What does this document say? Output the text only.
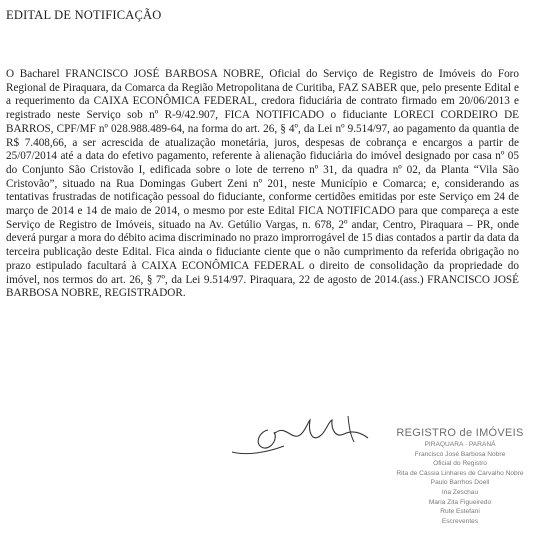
EDITAL DE NOTIFICAÇÃO

O Bacharel FRANCISCO JOSÉ BARBOSA NOBRE, Oficial do Serviço de Registro de Imóveis do Foro Regional de Piraquara, da Comarca da Região Metropolitana de Curitiba, FAZ SABER que, pelo presente Edital e a requerimento da CAIXA ECONÔMICA FEDERAL, credora fiduciária de contrato firmado em 20/06/2013 e registrado neste Serviço sob nº R-9/42.907, FICA NOTIFICADO o fiduciante LORECI CORDEIRO DE BARROS, CPF/MF nº 028.988.489-64, na forma do art. 26, § 4º, da Lei nº 9.514/97, ao pagamento da quantia de R$ 7.408,66, a ser acrescida de atualização monetária, juros, despesas de cobrança e encargos a partir de 25/07/2014 até a data do efetivo pagamento, referente à alienação fiduciária do imóvel designado por casa nº 05 do Conjunto São Cristovão I, edificada sobre o lote de terreno nº 31, da quadra nº 02, da Planta “Vila São Cristovão”, situado na Rua Domingas Gubert Zeni nº 201, neste Município e Comarca; e, considerando as tentativas frustradas de notificação pessoal do fiduciante, conforme certidões emitidas por este Serviço em 24 de março de 2014 e 14 de maio de 2014, o mesmo por este Edital FICA NOTIFICADO para que compareça a este Serviço de Registro de Imóveis, situado na Av. Getúlio Vargas, n. 678, 2º andar, Centro, Piraquara – PR, onde deverá purgar a mora do débito acima discriminado no prazo improrrogável de 15 dias contados a partir da data da terceira publicação deste Edital. Fica ainda o fiduciante ciente que o não cumprimento da referida obrigação no prazo estipulado facultará à CAIXA ECONÔMICA FEDERAL o direito de consolidação da propriedade do imóvel, nos termos do art. 26, § 7º, da Lei 9.514/97. Piraquara, 22 de agosto de 2014.(ass.) FRANCISCO JOSÉ BARBOSA NOBRE, REGISTRADOR.

REGISTRO de IMÓVEIS
PIRAQUARA · PARANÁ
Francisco José Barbosa Nobre
Oficial do Registro
Rita de Cássia Linhares de Carvalho Nobre
Paulo Barrhos Doell
Iria Zeschau
Maria Zita Figueiredo
Rute Estefani
Escreventes
